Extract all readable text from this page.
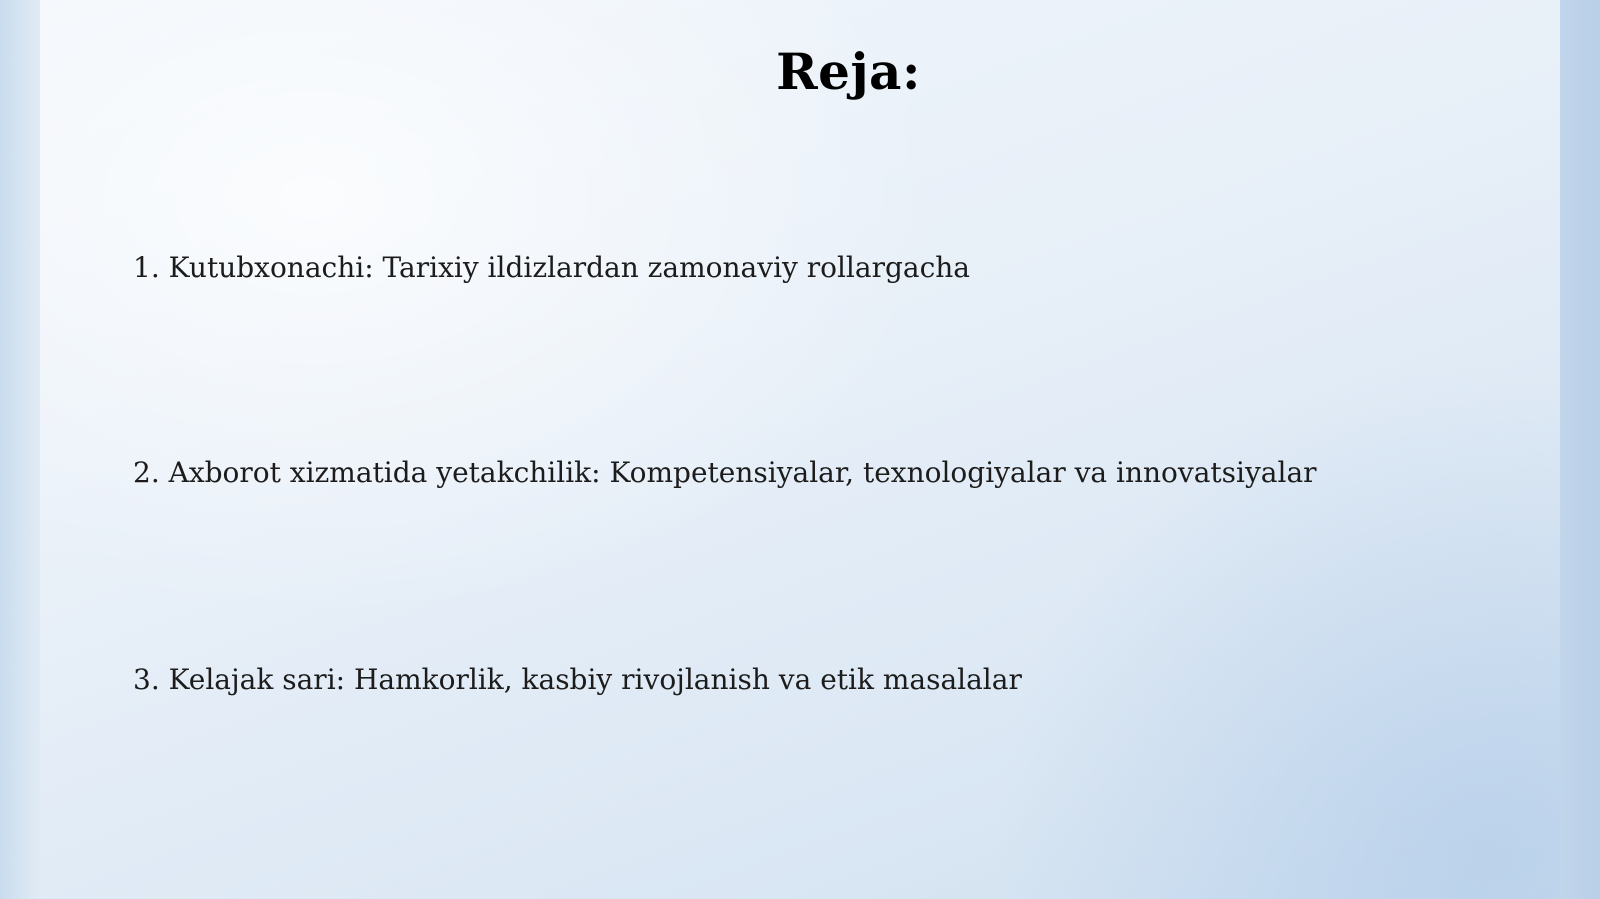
Reja:

1. Kutubxonachi: Tarixiy ildizlardan zamonaviy rollargacha

2. Axborot xizmatida yetakchilik: Kompetensiyalar, texnologiyalar va innovatsiyalar

3. Kelajak sari: Hamkorlik, kasbiy rivojlanish va etik masalalar
